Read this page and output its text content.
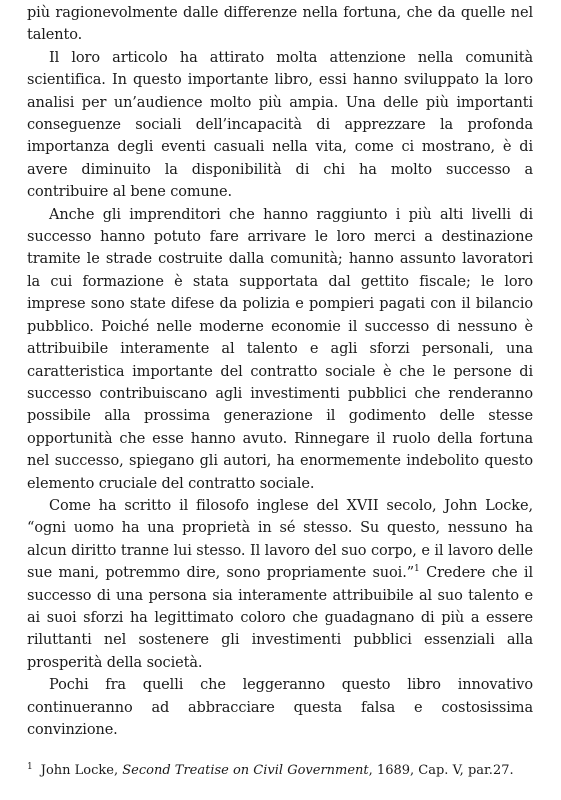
più ragionevolmente dalle differenze nella fortuna, che da quelle nel talento.

Il loro articolo ha attirato molta attenzione nella comunità scientifica. In questo importante libro, essi hanno sviluppato la loro analisi per un’audience molto più ampia. Una delle più importanti conseguenze sociali dell’incapacità di apprezzare la profonda importanza degli eventi casuali nella vita, come ci mostrano, è di avere diminuito la disponibilità di chi ha molto successo a contribuire al bene comune.

Anche gli imprenditori che hanno raggiunto i più alti livelli di successo hanno potuto fare arrivare le loro merci a destinazione tramite le strade costruite dalla comunità; hanno assunto lavoratori la cui formazione è stata supportata dal gettito fiscale; le loro imprese sono state difese da polizia e pompieri pagati con il bilancio pubblico. Poiché nelle moderne economie il successo di nessuno è attribuibile interamente al talento e agli sforzi personali, una caratteristica importante del contratto sociale è che le persone di successo contribuiscano agli investimenti pubblici che renderanno possibile alla prossima generazione il godimento delle stesse opportunità che esse hanno avuto. Rinnegare il ruolo della fortuna nel successo, spiegano gli autori, ha enormemente indebolito questo elemento cruciale del contratto sociale.

Come ha scritto il filosofo inglese del XVII secolo, John Locke, “ogni uomo ha una proprietà in sé stesso. Su questo, nessuno ha alcun diritto tranne lui stesso. Il lavoro del suo corpo, e il lavoro delle sue mani, potremmo dire, sono propriamente suoi.”$^1$ Credere che il successo di una persona sia interamente attribuibile al suo talento e ai suoi sforzi ha legittimato coloro che guadagnano di più a essere riluttanti nel sostenere gli investimenti pubblici essenziali alla prosperità della società.

Pochi fra quelli che leggeranno questo libro innovativo continueranno ad abbracciare questa falsa e costosissima convinzione.

$^1$ John Locke, Second Treatise on Civil Government, 1689, Cap. V, par.27.
